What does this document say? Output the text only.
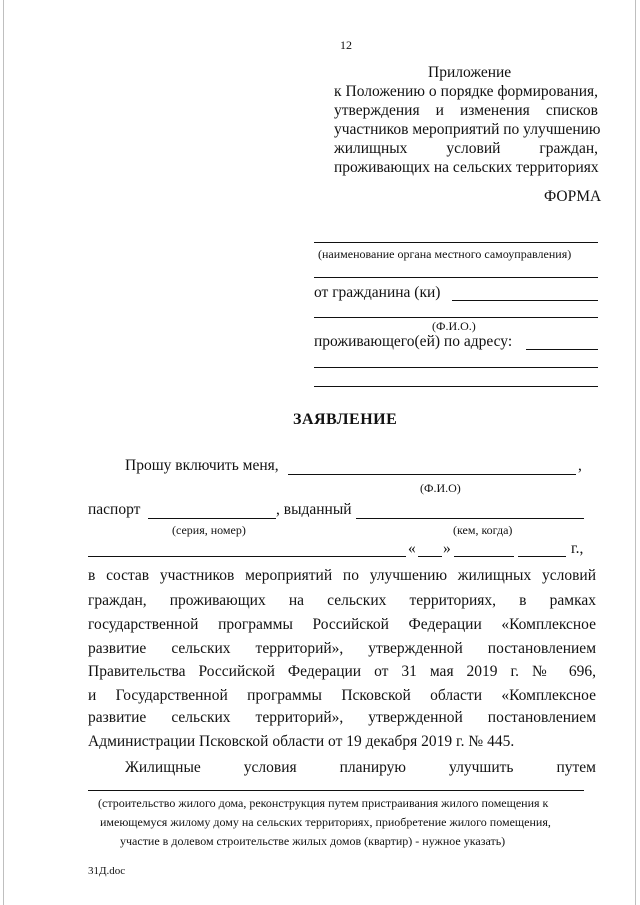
12
Приложение
к Положению о порядке формирования,
утверждения и изменения списков
участников мероприятий по улучшению
жилищных условий граждан,
проживающих на сельских территориях
ФОРМА
(наименование органа местного самоуправления)
от гражданина (ки)
(Ф.И.О.)
проживающего(ей) по адресу:
ЗАЯВЛЕНИЕ
Прошу включить меня,	,
(Ф.И.О)
паспорт	, выданный
(серия, номер)	(кем, когда)
« »	г.,
в состав участников мероприятий по улучшению жилищных условий
граждан, проживающих на сельских территориях, в рамках
государственной программы Российской Федерации «Комплексное
развитие сельских территорий», утвержденной постановлением
Правительства Российской Федерации от 31 мая 2019 г. № 696,
и Государственной программы Псковской области «Комплексное
развитие сельских территорий», утвержденной постановлением
Администрации Псковской области от 19 декабря 2019 г. № 445.
Жилищные условия планирую улучшить путем
(строительство жилого дома, реконструкция путем пристраивания жилого помещения к
имеющемуся жилому дому на сельских территориях, приобретение жилого помещения,
участие в долевом строительстве жилых домов (квартир) - нужное указать)
31Д.doc
